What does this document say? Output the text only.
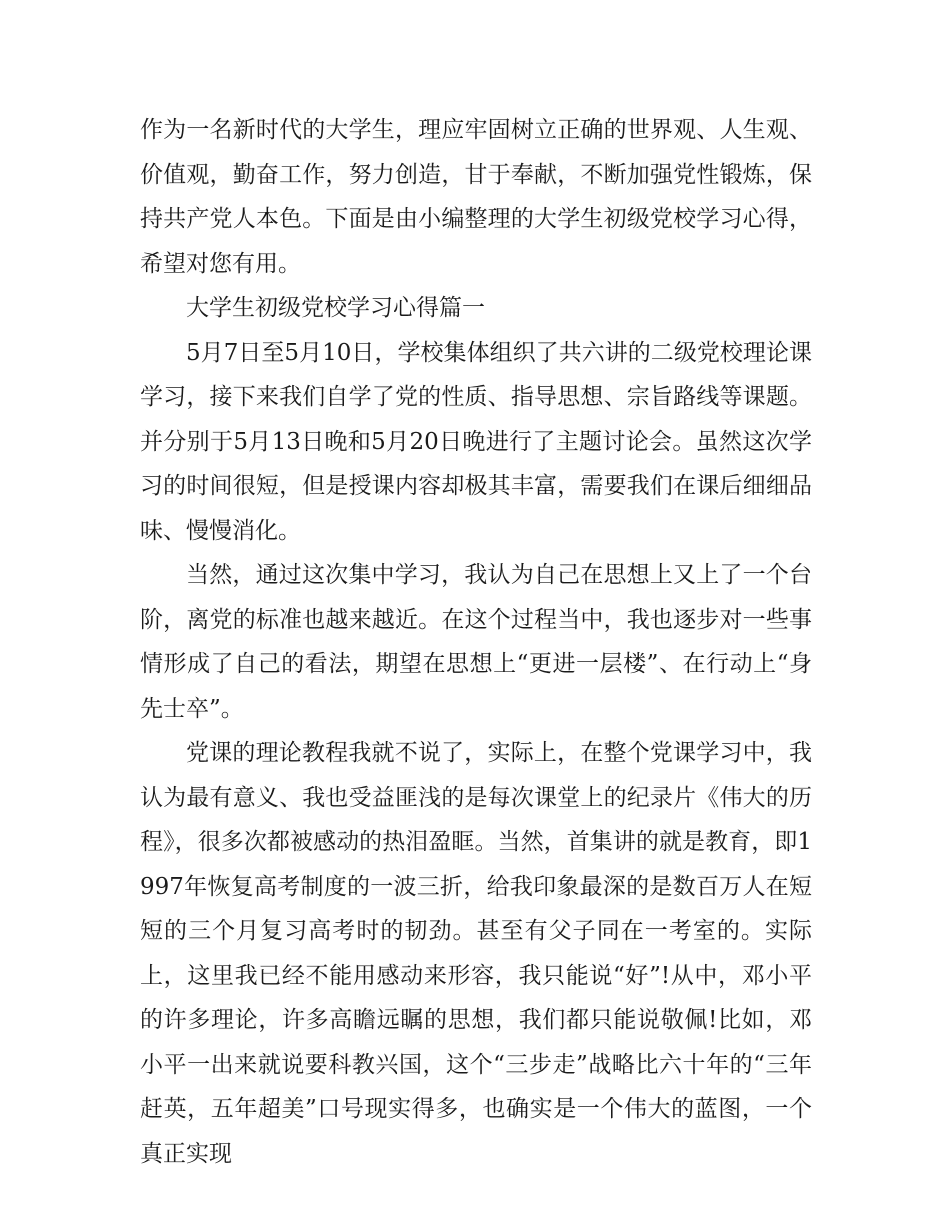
作为一名新时代的大学生，理应牢固树立正确的世界观、人生观、价值观，勤奋工作，努力创造，甘于奉献，不断加强党性锻炼，保持共产党人本色。下面是由小编整理的大学生初级党校学习心得，希望对您有用。

大学生初级党校学习心得篇一

5月7日至5月10日，学校集体组织了共六讲的二级党校理论课学习，接下来我们自学了党的性质、指导思想、宗旨路线等课题。并分别于5月13日晚和5月20日晚进行了主题讨论会。虽然这次学习的时间很短，但是授课内容却极其丰富，需要我们在课后细细品味、慢慢消化。

当然，通过这次集中学习，我认为自己在思想上又上了一个台阶，离党的标准也越来越近。在这个过程当中，我也逐步对一些事情形成了自己的看法，期望在思想上“更进一层楼”、在行动上“身先士卒”。

党课的理论教程我就不说了，实际上，在整个党课学习中，我认为最有意义、我也受益匪浅的是每次课堂上的纪录片《伟大的历程》，很多次都被感动的热泪盈眶。当然，首集讲的就是教育，即1997年恢复高考制度的一波三折，给我印象最深的是数百万人在短短的三个月复习高考时的韧劲。甚至有父子同在一考室的。实际上，这里我已经不能用感动来形容，我只能说“好”!从中，邓小平的许多理论，许多高瞻远瞩的思想，我们都只能说敬佩!比如，邓小平一出来就说要科教兴国，这个“三步走”战略比六十年的“三年赶英，五年超美”口号现实得多，也确实是一个伟大的蓝图，一个真正实现
